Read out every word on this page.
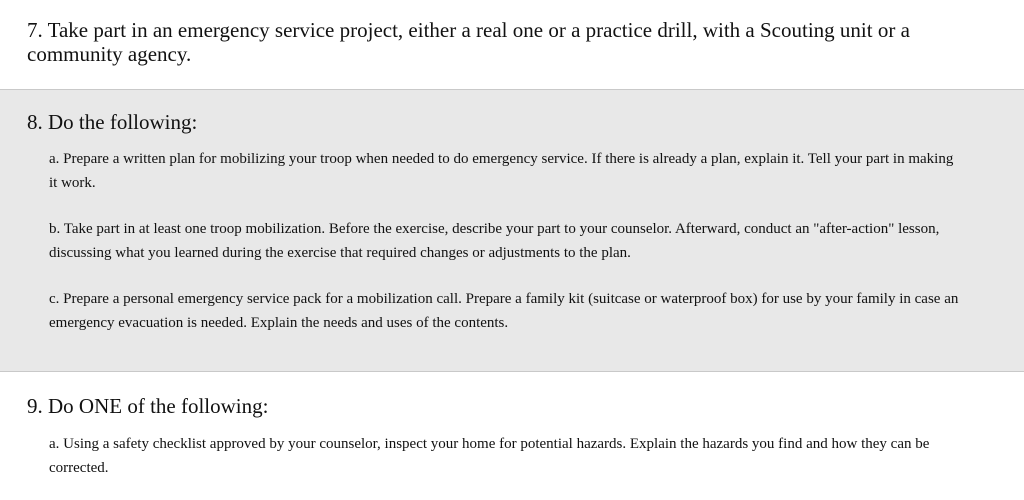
7. Take part in an emergency service project, either a real one or a practice drill, with a Scouting unit or a community agency.

8. Do the following:

a. Prepare a written plan for mobilizing your troop when needed to do emergency service. If there is already a plan, explain it. Tell your part in making it work.

b. Take part in at least one troop mobilization. Before the exercise, describe your part to your counselor. Afterward, conduct an "after-action" lesson, discussing what you learned during the exercise that required changes or adjustments to the plan.

c. Prepare a personal emergency service pack for a mobilization call. Prepare a family kit (suitcase or waterproof box) for use by your family in case an emergency evacuation is needed. Explain the needs and uses of the contents.

9. Do ONE of the following:

a. Using a safety checklist approved by your counselor, inspect your home for potential hazards. Explain the hazards you find and how they can be corrected.
